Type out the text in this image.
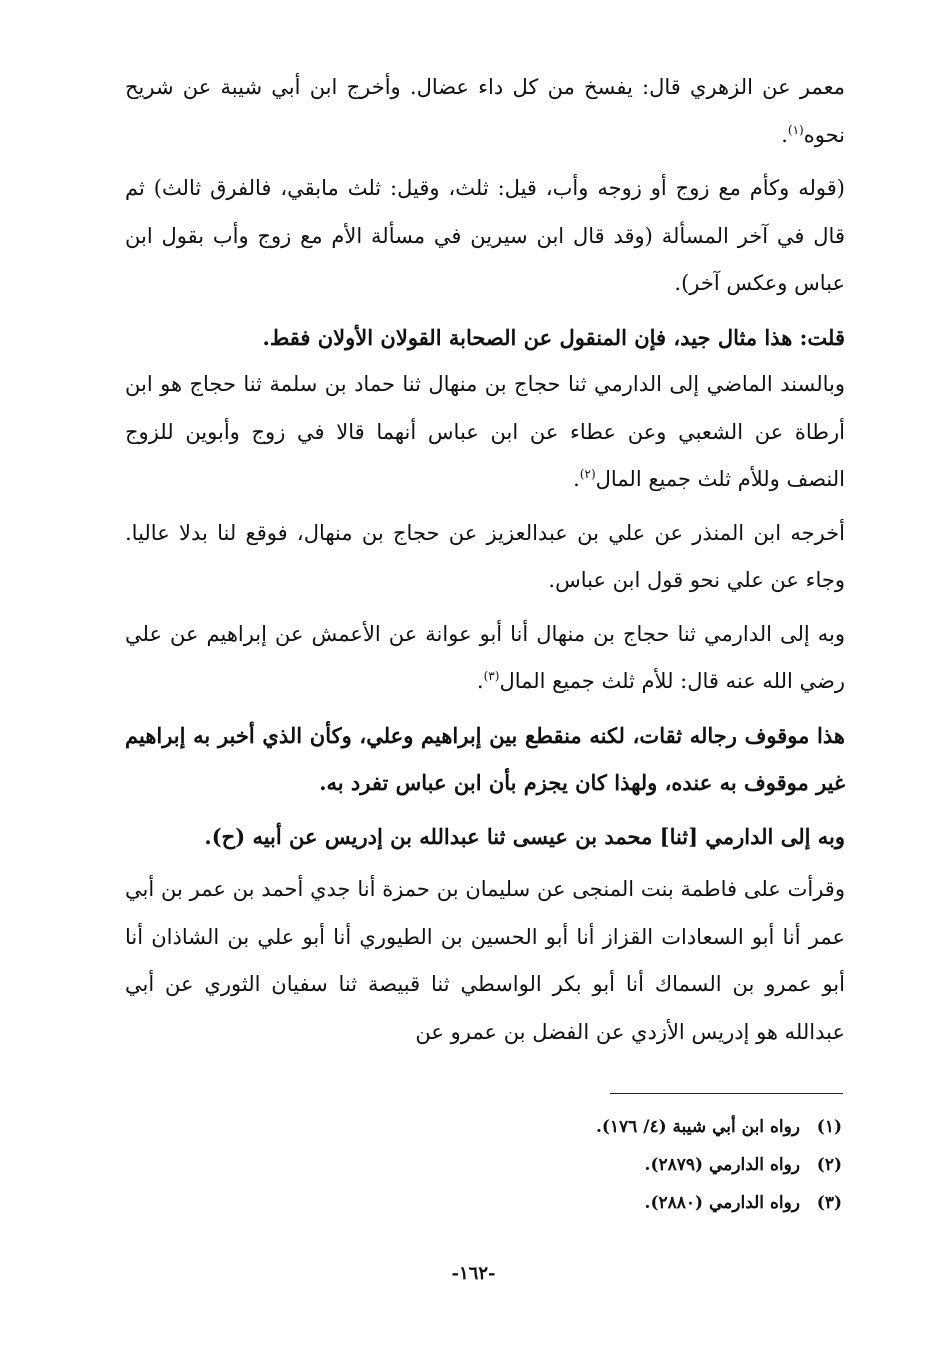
معمر عن الزهري قال: يفسخ من كل داء عضال. وأخرج ابن أبي شيبة عن شريح نحوه$^{(١)}$.

(قوله وكأم مع زوج أو زوجه وأب، قيل: ثلث، وقيل: ثلث مابقي، فالفرق ثالث) ثم قال في آخر المسألة (وقد قال ابن سيرين في مسألة الأم مع زوج وأب بقول ابن عباس وعكس آخر).

قلت: هذا مثال جيد، فإن المنقول عن الصحابة القولان الأولان فقط.

وبالسند الماضي إلى الدارمي ثنا حجاج بن منهال ثنا حماد بن سلمة ثنا حجاج هو ابن أرطاة عن الشعبي وعن عطاء عن ابن عباس أنهما قالا في زوج وأبوين للزوج النصف وللأم ثلث جميع المال$^{(٢)}$.

أخرجه ابن المنذر عن علي بن عبدالعزيز عن حجاج بن منهال، فوقع لنا بدلا عاليا. وجاء عن علي نحو قول ابن عباس.

وبه إلى الدارمي ثنا حجاج بن منهال أنا أبو عوانة عن الأعمش عن إبراهيم عن علي رضي الله عنه قال: للأم ثلث جميع المال$^{(٣)}$.

هذا موقوف رجاله ثقات، لكنه منقطع بين إبراهيم وعلي، وكأن الذي أخبر به إبراهيم غير موقوف به عنده، ولهذا كان يجزم بأن ابن عباس تفرد به.

وبه إلى الدارمي [ثنا] محمد بن عيسى ثنا عبدالله بن إدريس عن أبيه (ح).

وقرأت على فاطمة بنت المنجى عن سليمان بن حمزة أنا جدي أحمد بن عمر بن أبي عمر أنا أبو السعادات القزاز أنا أبو الحسين بن الطيوري أنا أبو علي بن الشاذان أنا أبو عمرو بن السماك أنا أبو بكر الواسطي ثنا قبيصة ثنا سفيان الثوري عن أبي عبدالله هو إدريس الأزدي عن الفضل بن عمرو عن

(١)
رواه ابن أبي شيبة (٤/ ١٧٦).
(٢)
رواه الدارمي (٢٨٧٩).
(٣)
رواه الدارمي (٢٨٨٠).
-١٦٢-
